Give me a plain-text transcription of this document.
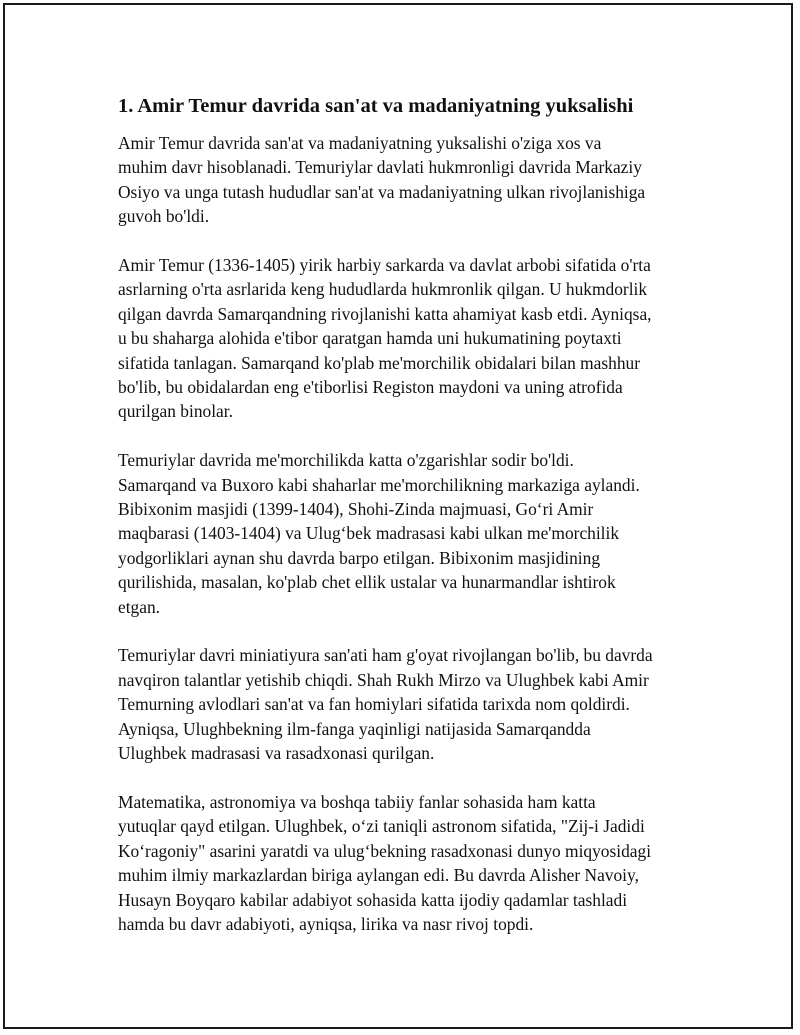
1. Amir Temur davrida san'at va madaniyatning yuksalishi

Amir Temur davrida san'at va madaniyatning yuksalishi o'ziga xos va
muhim davr hisoblanadi. Temuriylar davlati hukmronligi davrida Markaziy
Osiyo va unga tutash hududlar san'at va madaniyatning ulkan rivojlanishiga
guvoh bo'ldi.

Amir Temur (1336-1405) yirik harbiy sarkarda va davlat arbobi sifatida o'rta
asrlarning o'rta asrlarida keng hududlarda hukmronlik qilgan. U hukmdorlik
qilgan davrda Samarqandning rivojlanishi katta ahamiyat kasb etdi. Ayniqsa,
u bu shaharga alohida e'tibor qaratgan hamda uni hukumatining poytaxti
sifatida tanlagan. Samarqand ko'plab me'morchilik obidalari bilan mashhur
bo'lib, bu obidalardan eng e'tiborlisi Registon maydoni va uning atrofida
qurilgan binolar.

Temuriylar davrida me'morchilikda katta o'zgarishlar sodir bo'ldi.
Samarqand va Buxoro kabi shaharlar me'morchilikning markaziga aylandi.
Bibixonim masjidi (1399-1404), Shohi-Zinda majmuasi, Go‘ri Amir
maqbarasi (1403-1404) va Ulug‘bek madrasasi kabi ulkan me'morchilik
yodgorliklari aynan shu davrda barpo etilgan. Bibixonim masjidining
qurilishida, masalan, ko'plab chet ellik ustalar va hunarmandlar ishtirok
etgan.

Temuriylar davri miniatiyura san'ati ham g'oyat rivojlangan bo'lib, bu davrda
navqiron talantlar yetishib chiqdi. Shah Rukh Mirzo va Ulughbek kabi Amir
Temurning avlodlari san'at va fan homiylari sifatida tarixda nom qoldirdi.
Ayniqsa, Ulughbekning ilm-fanga yaqinligi natijasida Samarqandda
Ulughbek madrasasi va rasadxonasi qurilgan.

Matematika, astronomiya va boshqa tabiiy fanlar sohasida ham katta
yutuqlar qayd etilgan. Ulughbek, o‘zi taniqli astronom sifatida, "Zij-i Jadidi
Ko‘ragoniy" asarini yaratdi va ulug‘bekning rasadxonasi dunyo miqyosidagi
muhim ilmiy markazlardan biriga aylangan edi. Bu davrda Alisher Navoiy,
Husayn Boyqaro kabilar adabiyot sohasida katta ijodiy qadamlar tashladi
hamda bu davr adabiyoti, ayniqsa, lirika va nasr rivoj topdi.
